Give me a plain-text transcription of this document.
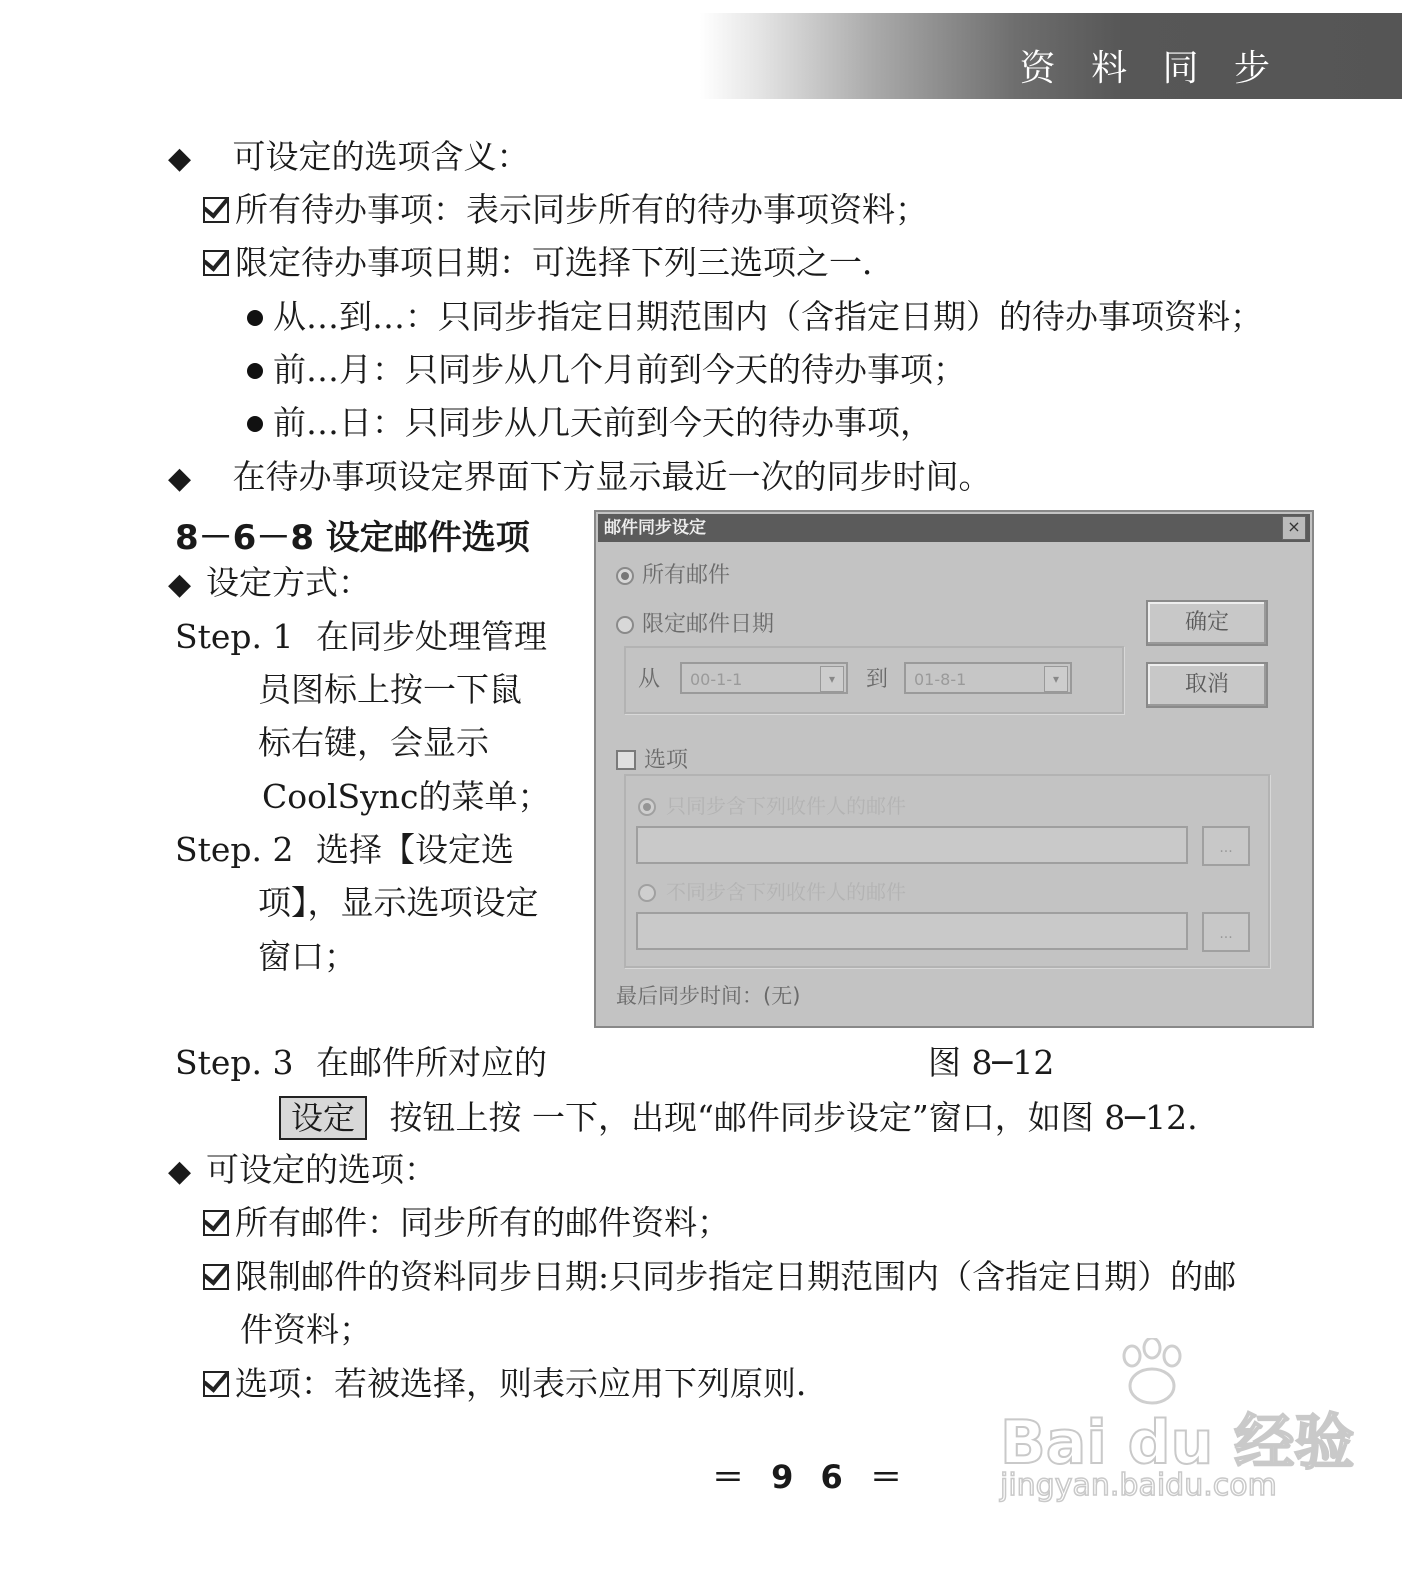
资 料 同 步
◆ 可设定的选项含义：
所有待办事项：表示同步所有的待办事项资料；
限定待办事项日期：可选择下列三选项之一．
从…到…：只同步指定日期范围内（含指定日期）的待办事项资料；
前…月：只同步从几个月前到今天的待办事项；
前…日：只同步从几天前到今天的待办事项，
◆ 在待办事项设定界面下方显示最近一次的同步时间。
8－6－8 设定邮件选项
◆ 设定方式：
Step. 1 在同步处理管理
员图标上按一下鼠
标右键，会显示
CoolSync的菜单；
Step. 2 选择【设定选
项】，显示选项设定
窗口；
邮件同步设定	×
所有邮件
限定邮件日期
从	00-1-1	▾	到	01-8-1	▾
确定
取消
选项
只同步含下列收件人的邮件
...
不同步含下列收件人的邮件
...
最后同步时间：(无)
Step. 3 在邮件所对应的	图 8─12
设定 按钮上按 一下，出现“邮件同步设定”窗口，如图 8─12.
◆ 可设定的选项：
所有邮件：同步所有的邮件资料；
限制邮件的资料同步日期:只同步指定日期范围内（含指定日期）的邮
件资料；
选项：若被选择，则表示应用下列原则．
＝ 9 6 ＝ Bai du 经验
jingyan.baidu.com
